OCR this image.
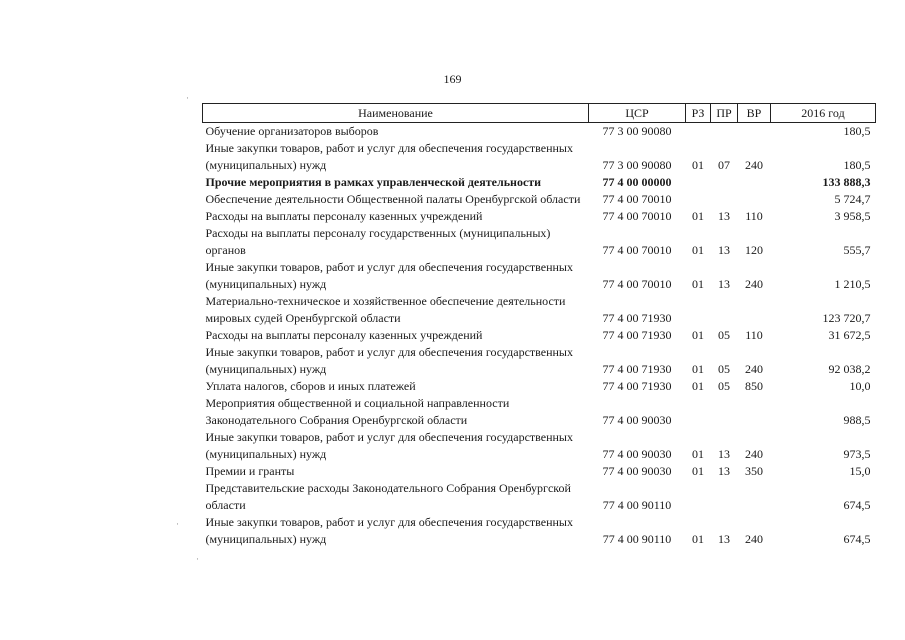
169
·
·
·
Наименование	ЦСР	РЗ	ПР	ВР	2016 год
Обучение организаторов выборов	77 3 00 90080				180,5
Иные закупки товаров, работ и услуг для обеспечения государственных (муниципальных) нужд	77 3 00 90080	01	07	240	180,5
Прочие мероприятия в рамках управленческой деятельности	77 4 00 00000				133 888,3
Обеспечение деятельности Общественной палаты Оренбургской области	77 4 00 70010				5 724,7
Расходы на выплаты персоналу казенных учреждений	77 4 00 70010	01	13	110	3 958,5
Расходы на выплаты персоналу государственных (муниципальных) органов	77 4 00 70010	01	13	120	555,7
Иные закупки товаров, работ и услуг для обеспечения государственных (муниципальных) нужд	77 4 00 70010	01	13	240	1 210,5
Материально-техническое и хозяйственное обеспечение деятельности мировых судей Оренбургской области	77 4 00 71930				123 720,7
Расходы на выплаты персоналу казенных учреждений	77 4 00 71930	01	05	110	31 672,5
Иные закупки товаров, работ и услуг для обеспечения государственных (муниципальных) нужд	77 4 00 71930	01	05	240	92 038,2
Уплата налогов, сборов и иных платежей	77 4 00 71930	01	05	850	10,0
Мероприятия общественной и социальной направленности Законодательного Собрания Оренбургской области	77 4 00 90030				988,5
Иные закупки товаров, работ и услуг для обеспечения государственных (муниципальных) нужд	77 4 00 90030	01	13	240	973,5
Премии и гранты	77 4 00 90030	01	13	350	15,0
Представительские расходы Законодательного Собрания Оренбургской области	77 4 00 90110				674,5
Иные закупки товаров, работ и услуг для обеспечения государственных (муниципальных) нужд	77 4 00 90110	01	13	240	674,5
